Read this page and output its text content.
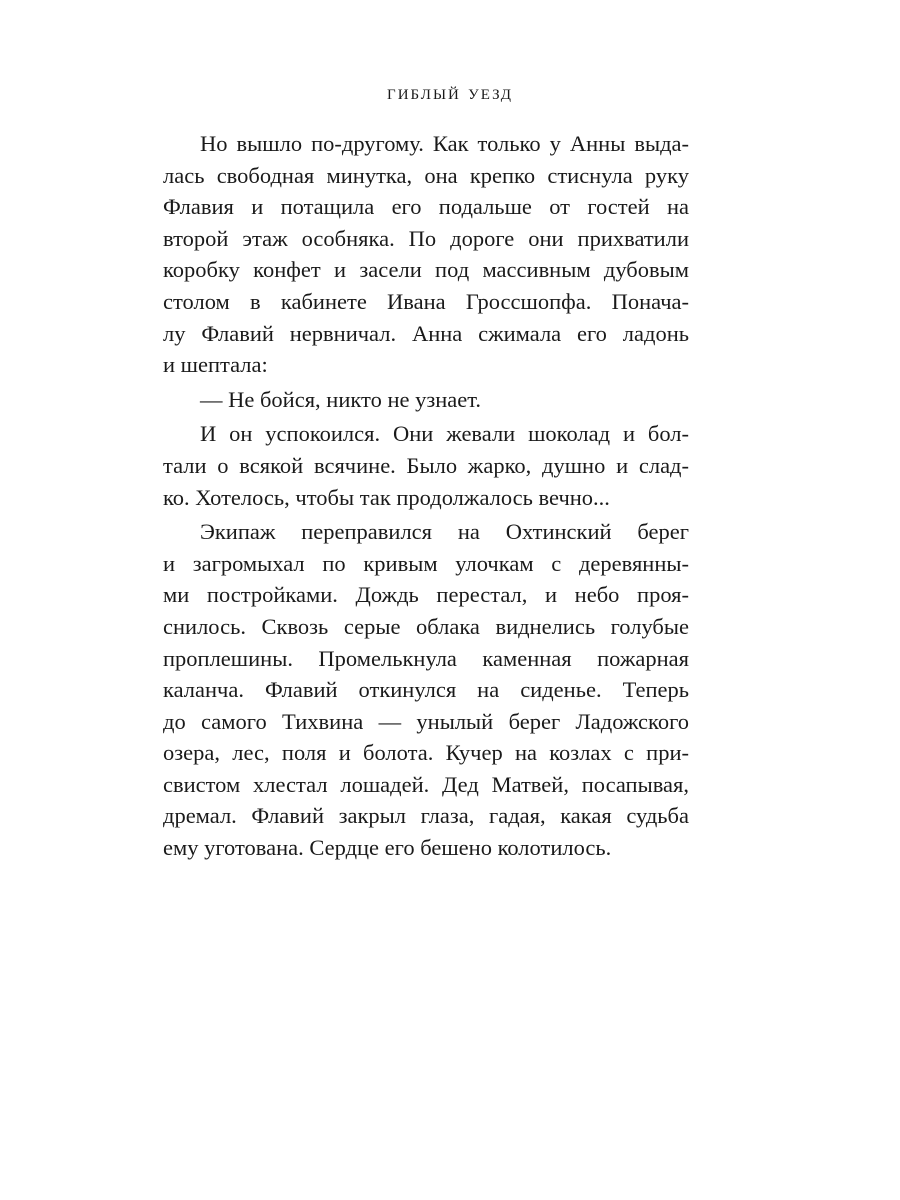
гиблый уезд

Но вышло по-другому. Как только у Анны выда-
лась свободная минутка, она крепко стиснула руку
Флавия и потащила его подальше от гостей на
второй этаж особняка. По дороге они прихватили
коробку конфет и засели под массивным дубовым
столом в кабинете Ивана Гроссшопфа. Понача-
лу Флавий нервничал. Анна сжимала его ладонь
и шептала:

— Не бойся, никто не узнает.

И он успокоился. Они жевали шоколад и бол-
тали о всякой всячине. Было жарко, душно и слад-
ко. Хотелось, чтобы так продолжалось вечно...

Экипаж переправился на Охтинский берег
и загромыхал по кривым улочкам с деревянны-
ми постройками. Дождь перестал, и небо проя-
снилось. Сквозь серые облака виднелись голубые
проплешины. Промелькнула каменная пожарная
каланча. Флавий откинулся на сиденье. Теперь
до самого Тихвина — унылый берег Ладожского
озера, лес, поля и болота. Кучер на козлах с при-
свистом хлестал лошадей. Дед Матвей, посапывая,
дремал. Флавий закрыл глаза, гадая, какая судьба
ему уготована. Сердце его бешено колотилось.
